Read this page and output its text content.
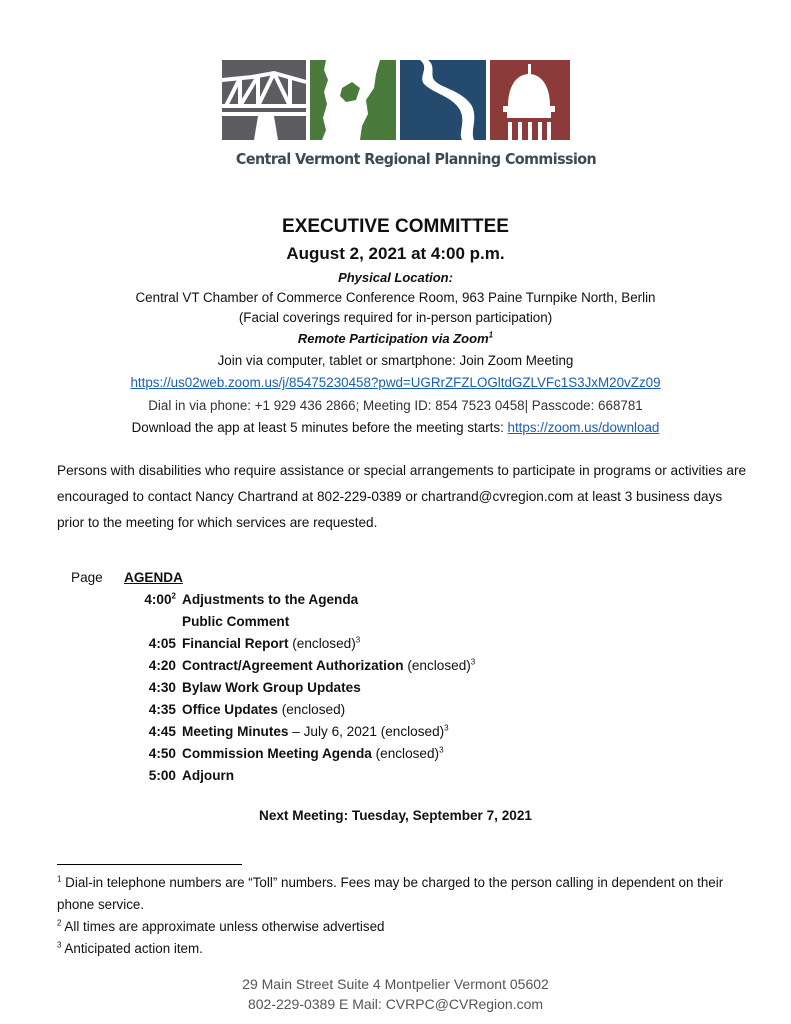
Central Vermont Regional Planning Commission
EXECUTIVE COMMITTEE
August 2, 2021 at 4:00 p.m.
Physical Location:
Central VT Chamber of Commerce Conference Room, 963 Paine Turnpike North, Berlin
(Facial coverings required for in-person participation)
Remote Participation via Zoom$^1$
Join via computer, tablet or smartphone: Join Zoom Meeting
https://us02web.zoom.us/j/85475230458?pwd=UGRrZFZLOGltdGZLVFc1S3JxM20vZz09
Dial in via phone: +1 929 436 2866; Meeting ID: 854 7523 0458| Passcode: 668781
Download the app at least 5 minutes before the meeting starts: https://zoom.us/download
Persons with disabilities who require assistance or special arrangements to participate in programs or activities are encouraged to contact Nancy Chartrand at 802-229-0389 or chartrand@cvregion.com at least 3 business days prior to the meeting for which services are requested.
Page AGENDA
$4:00^2$ Adjustments to the Agenda
Public Comment
4:05 Financial Report (enclosed)$^3$
4:20 Contract/Agreement Authorization (enclosed)$^3$
4:30 Bylaw Work Group Updates
4:35 Office Updates (enclosed)
4:45 Meeting Minutes – July 6, 2021 (enclosed)$^3$
4:50 Commission Meeting Agenda (enclosed)$^3$
5:00 Adjourn
Next Meeting: Tuesday, September 7, 2021
$^1$ Dial-in telephone numbers are “Toll” numbers. Fees may be charged to the person calling in dependent on their phone service.
$^2$ All times are approximate unless otherwise advertised
$^3$ Anticipated action item.
29 Main Street Suite 4 Montpelier Vermont 05602
802-229-0389 E Mail: CVRPC@CVRegion.com
